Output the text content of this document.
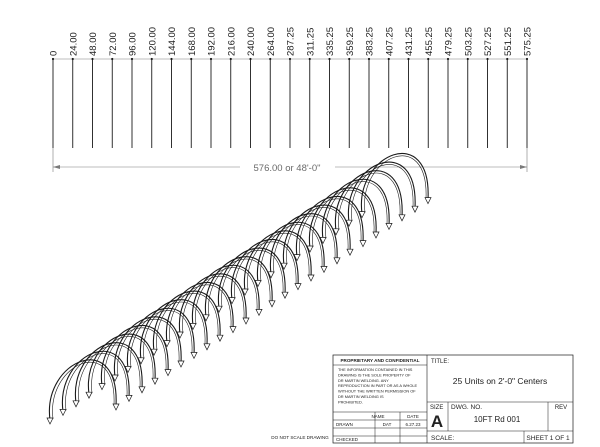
0 24.00 48.00 72.00 96.00 120.00 144.00 168.00 192.00 216.00 240.00 264.00 287.25 311.25 335.25 359.25 383.25 407.25 431.25 455.25 479.25 503.25 527.25 551.25 575.25
576.00 or 48'-0"
PROPRIETARY AND CONFIDENTIAL
THE INFORMATION CONTAINED IN THIS
DRAWING IS THE SOLE PROPERTY OF
DR MARTIN WELDING. ANY
REPRODUCTION IN PART OR AS A WHOLE
WITHOUT THE WRITTEN PERMISSION OF
DR MARTIN WELDING IS
PROHIBITED.
NAME	DATE
DRAWN	DAT	6.27.23
CHECKED
TITLE:
25 Units on 2'-0" Centers
SIZE
A
DWG. NO.
10FT Rd 001
REV
SCALE:	SHEET 1 OF 1
DO NOT SCALE DRAWING
